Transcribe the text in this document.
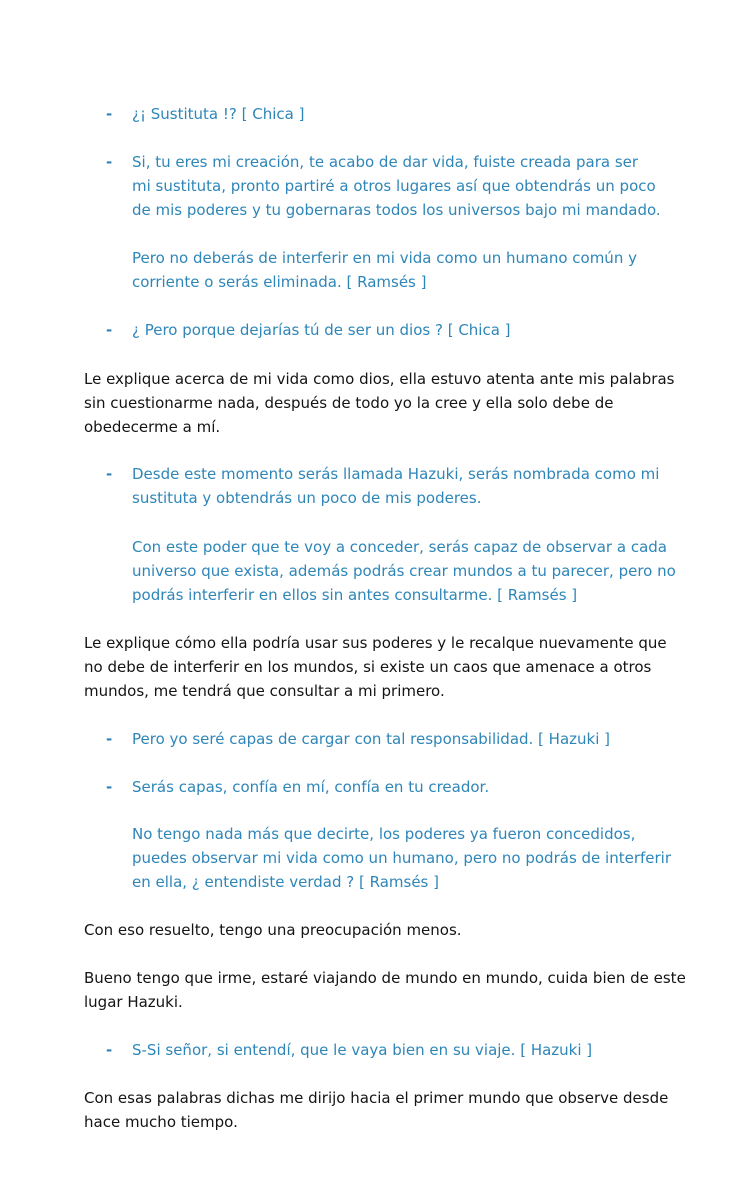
- ¿¡ Sustituta !? [ Chica ]
- Si, tu eres mi creación, te acabo de dar vida, fuiste creada para ser
mi sustituta, pronto partiré a otros lugares así que obtendrás un poco
de mis poderes y tu gobernaras todos los universos bajo mi mandado.
Pero no deberás de interferir en mi vida como un humano común y
corriente o serás eliminada. [ Ramsés ]
- ¿ Pero porque dejarías tú de ser un dios ? [ Chica ]
Le explique acerca de mi vida como dios, ella estuvo atenta ante mis palabras
sin cuestionarme nada, después de todo yo la cree y ella solo debe de
obedecerme a mí.
- Desde este momento serás llamada Hazuki, serás nombrada como mi
sustituta y obtendrás un poco de mis poderes.
Con este poder que te voy a conceder, serás capaz de observar a cada
universo que exista, además podrás crear mundos a tu parecer, pero no
podrás interferir en ellos sin antes consultarme. [ Ramsés ]
Le explique cómo ella podría usar sus poderes y le recalque nuevamente que
no debe de interferir en los mundos, si existe un caos que amenace a otros
mundos, me tendrá que consultar a mi primero.
- Pero yo seré capas de cargar con tal responsabilidad. [ Hazuki ]
- Serás capas, confía en mí, confía en tu creador.
No tengo nada más que decirte, los poderes ya fueron concedidos,
puedes observar mi vida como un humano, pero no podrás de interferir
en ella, ¿ entendiste verdad ? [ Ramsés ]
Con eso resuelto, tengo una preocupación menos.
Bueno tengo que irme, estaré viajando de mundo en mundo, cuida bien de este
lugar Hazuki.
- S-Si señor, si entendí, que le vaya bien en su viaje. [ Hazuki ]
Con esas palabras dichas me dirijo hacia el primer mundo que observe desde
hace mucho tiempo.
